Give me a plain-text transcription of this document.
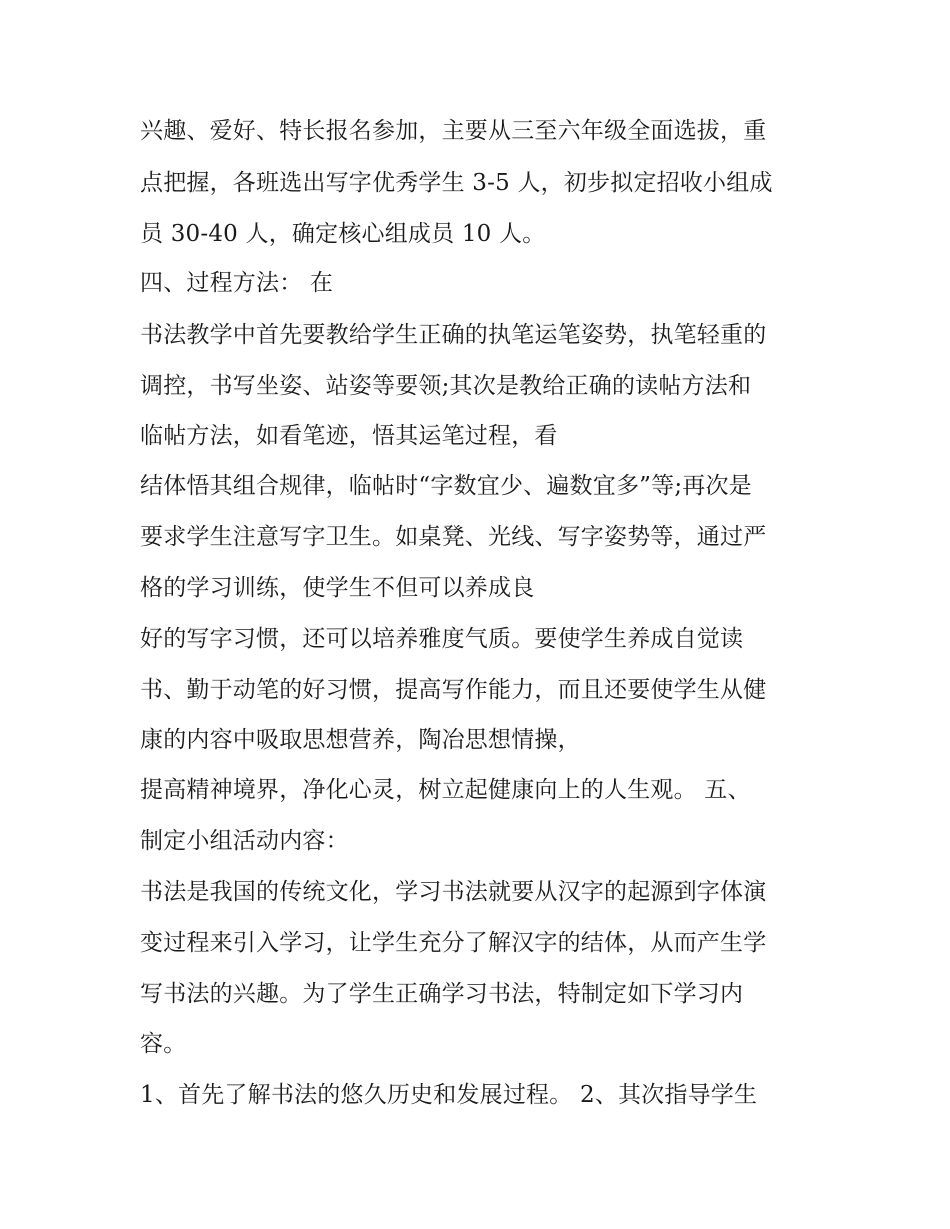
兴趣、爱好、特长报名参加，主要从三至六年级全面选拔，重
点把握，各班选出写字优秀学生 3-5 人，初步拟定招收小组成
员 30-40 人，确定核心组成员 10 人。
四、过程方法： 在
书法教学中首先要教给学生正确的执笔运笔姿势，执笔轻重的
调控，书写坐姿、站姿等要领;其次是教给正确的读帖方法和
临帖方法，如看笔迹，悟其运笔过程，看
结体悟其组合规律，临帖时“字数宜少、遍数宜多”等;再次是
要求学生注意写字卫生。如桌凳、光线、写字姿势等，通过严
格的学习训练，使学生不但可以养成良
好的写字习惯，还可以培养雅度气质。要使学生养成自觉读
书、勤于动笔的好习惯，提高写作能力，而且还要使学生从健
康的内容中吸取思想营养，陶冶思想情操，
提高精神境界，净化心灵，树立起健康向上的人生观。 五、
制定小组活动内容：
书法是我国的传统文化，学习书法就要从汉字的起源到字体演
变过程来引入学习，让学生充分了解汉字的结体，从而产生学
写书法的兴趣。为了学生正确学习书法，特制定如下学习内
容。
1、首先了解书法的悠久历史和发展过程。 2、其次指导学生
